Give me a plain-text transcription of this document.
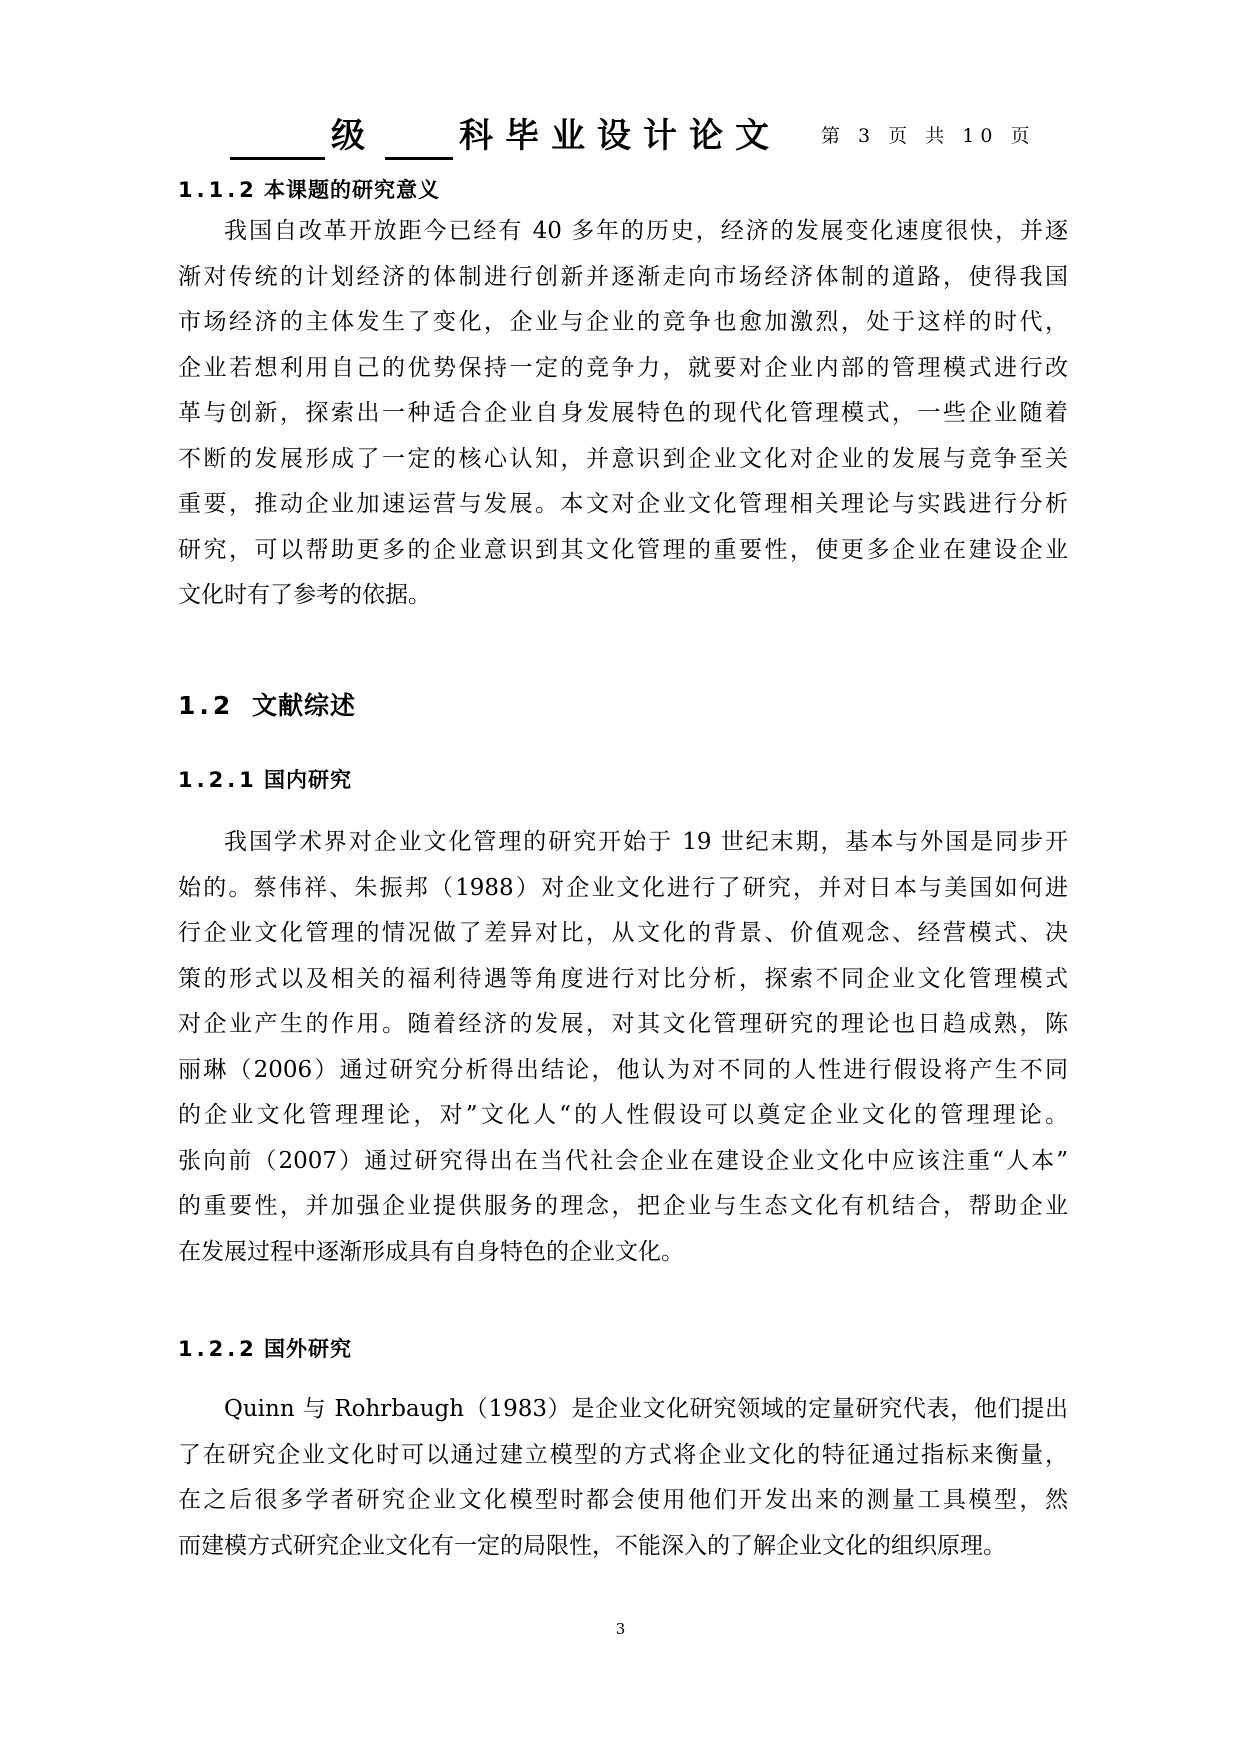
级 科毕业设计论文 第 3 页 共 10 页
1.1.2 本课题的研究意义
我国自改革开放距今已经有 40 多年的历史，经济的发展变化速度很快，并逐
渐对传统的计划经济的体制进行创新并逐渐走向市场经济体制的道路，使得我国
市场经济的主体发生了变化，企业与企业的竞争也愈加激烈，处于这样的时代，
企业若想利用自己的优势保持一定的竞争力，就要对企业内部的管理模式进行改
革与创新，探索出一种适合企业自身发展特色的现代化管理模式，一些企业随着
不断的发展形成了一定的核心认知，并意识到企业文化对企业的发展与竞争至关
重要，推动企业加速运营与发展。本文对企业文化管理相关理论与实践进行分析
研究，可以帮助更多的企业意识到其文化管理的重要性，使更多企业在建设企业
文化时有了参考的依据。
1.2 文献综述
1.2.1 国内研究
我国学术界对企业文化管理的研究开始于 19 世纪末期，基本与外国是同步开
始的。蔡伟祥、朱振邦（1988）对企业文化进行了研究，并对日本与美国如何进
行企业文化管理的情况做了差异对比，从文化的背景、价值观念、经营模式、决
策的形式以及相关的福利待遇等角度进行对比分析，探索不同企业文化管理模式
对企业产生的作用。随着经济的发展，对其文化管理研究的理论也日趋成熟，陈
丽琳（2006）通过研究分析得出结论，他认为对不同的人性进行假设将产生不同
的企业文化管理理论，对”文化人“的人性假设可以奠定企业文化的管理理论。
张向前（2007）通过研究得出在当代社会企业在建设企业文化中应该注重“人本”
的重要性，并加强企业提供服务的理念，把企业与生态文化有机结合，帮助企业
在发展过程中逐渐形成具有自身特色的企业文化。
1.2.2 国外研究
Quinn 与 Rohrbaugh（1983）是企业文化研究领域的定量研究代表，他们提出
了在研究企业文化时可以通过建立模型的方式将企业文化的特征通过指标来衡量，
在之后很多学者研究企业文化模型时都会使用他们开发出来的测量工具模型，然
而建模方式研究企业文化有一定的局限性，不能深入的了解企业文化的组织原理。
3
